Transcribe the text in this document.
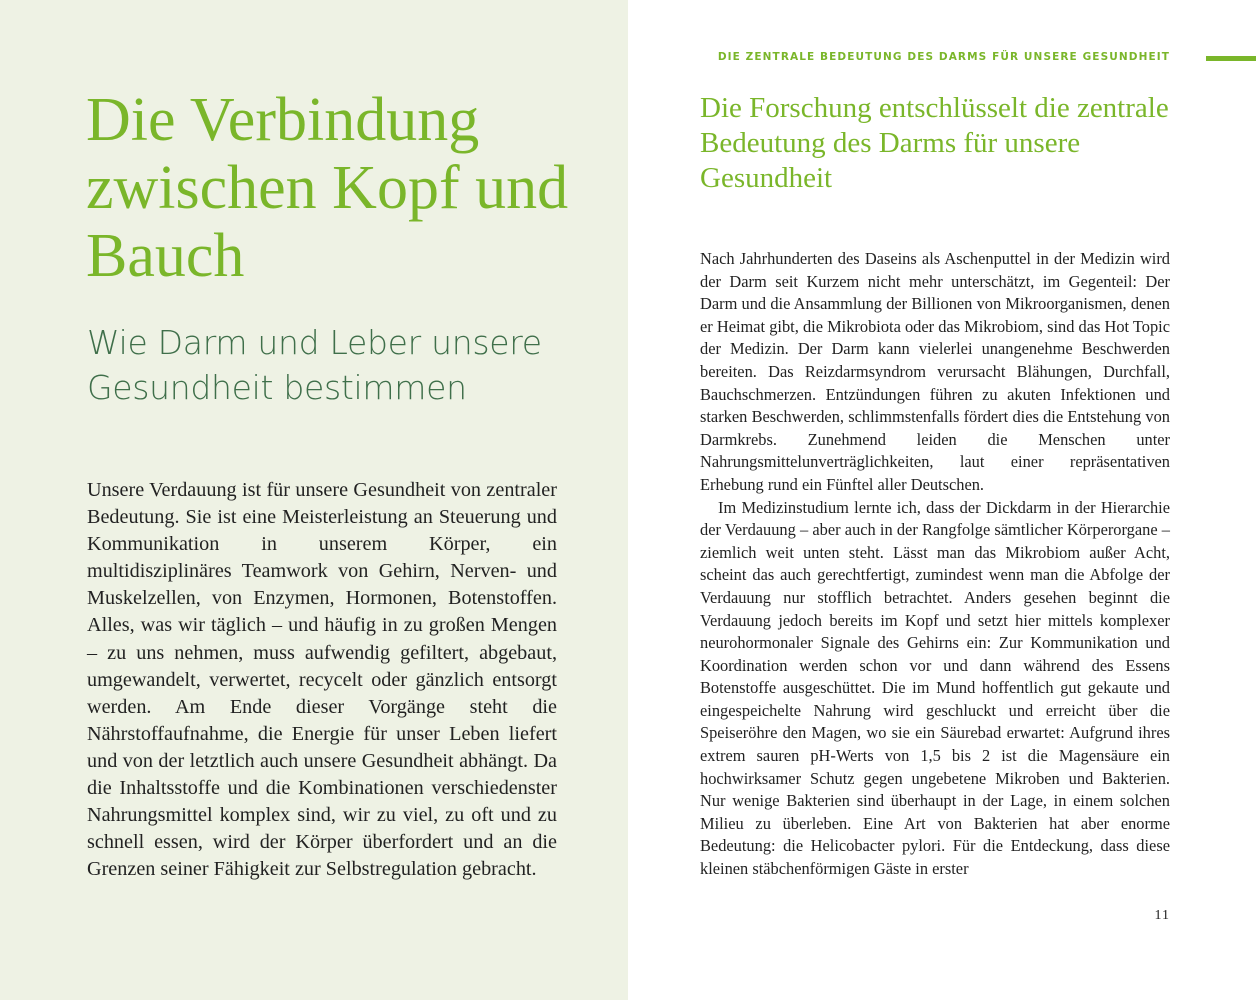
Die Verbindung zwischen Kopf und Bauch
Wie Darm und Leber unsere Gesundheit bestimmen

Unsere Verdauung ist für unsere Gesundheit von zentraler Bedeutung. Sie ist eine Meisterleistung an Steuerung und Kommunikation in unserem Körper, ein multidisziplinäres Teamwork von Gehirn, Nerven- und Muskelzellen, von Enzymen, Hormonen, Botenstoffen. Alles, was wir täglich – und häufig in zu großen Mengen – zu uns nehmen, muss aufwendig gefiltert, abgebaut, umgewandelt, verwertet, recycelt oder gänzlich entsorgt werden. Am Ende dieser Vorgänge steht die Nährstoffaufnahme, die Energie für unser Leben liefert und von der letztlich auch unsere Gesundheit abhängt. Da die Inhaltsstoffe und die Kombinationen verschiedenster Nahrungsmittel komplex sind, wir zu viel, zu oft und zu schnell essen, wird der Körper überfordert und an die Grenzen seiner Fähigkeit zur Selbstregulation gebracht.

DIE ZENTRALE BEDEUTUNG DES DARMS FÜR UNSERE GESUNDHEIT
Die Forschung entschlüsselt die zentrale Bedeutung des Darms für unsere Gesundheit

Nach Jahrhunderten des Daseins als Aschenputtel in der Medizin wird der Darm seit Kurzem nicht mehr unterschätzt, im Gegenteil: Der Darm und die Ansammlung der Billionen von Mikroorganismen, denen er Heimat gibt, die Mikrobiota oder das Mikrobiom, sind das Hot Topic der Medizin. Der Darm kann vielerlei unangenehme Beschwerden bereiten. Das Reizdarmsyndrom verursacht Blähungen, Durchfall, Bauchschmerzen. Entzündungen führen zu akuten Infektionen und starken Beschwerden, schlimmstenfalls fördert dies die Entstehung von Darmkrebs. Zunehmend leiden die Menschen unter Nahrungsmittelunverträglichkeiten, laut einer repräsentativen Erhebung rund ein Fünftel aller Deutschen.

Im Medizinstudium lernte ich, dass der Dickdarm in der Hierarchie der Verdauung – aber auch in der Rangfolge sämtlicher Körperorgane – ziemlich weit unten steht. Lässt man das Mikrobiom außer Acht, scheint das auch gerechtfertigt, zumindest wenn man die Abfolge der Verdauung nur stofflich betrachtet. Anders gesehen beginnt die Verdauung jedoch bereits im Kopf und setzt hier mittels komplexer neurohormonaler Signale des Gehirns ein: Zur Kommunikation und Koordination werden schon vor und dann während des Essens Botenstoffe ausgeschüttet. Die im Mund hoffentlich gut gekaute und eingespeichelte Nahrung wird geschluckt und erreicht über die Speiseröhre den Magen, wo sie ein Säurebad erwartet: Aufgrund ihres extrem sauren pH-Werts von 1,5 bis 2 ist die Magensäure ein hochwirksamer Schutz gegen ungebetene Mikroben und Bakterien. Nur wenige Bakterien sind überhaupt in der Lage, in einem solchen Milieu zu überleben. Eine Art von Bakterien hat aber enorme Bedeutung: die Helicobacter pylori. Für die Entdeckung, dass diese kleinen stäbchenförmigen Gäste in erster

11
